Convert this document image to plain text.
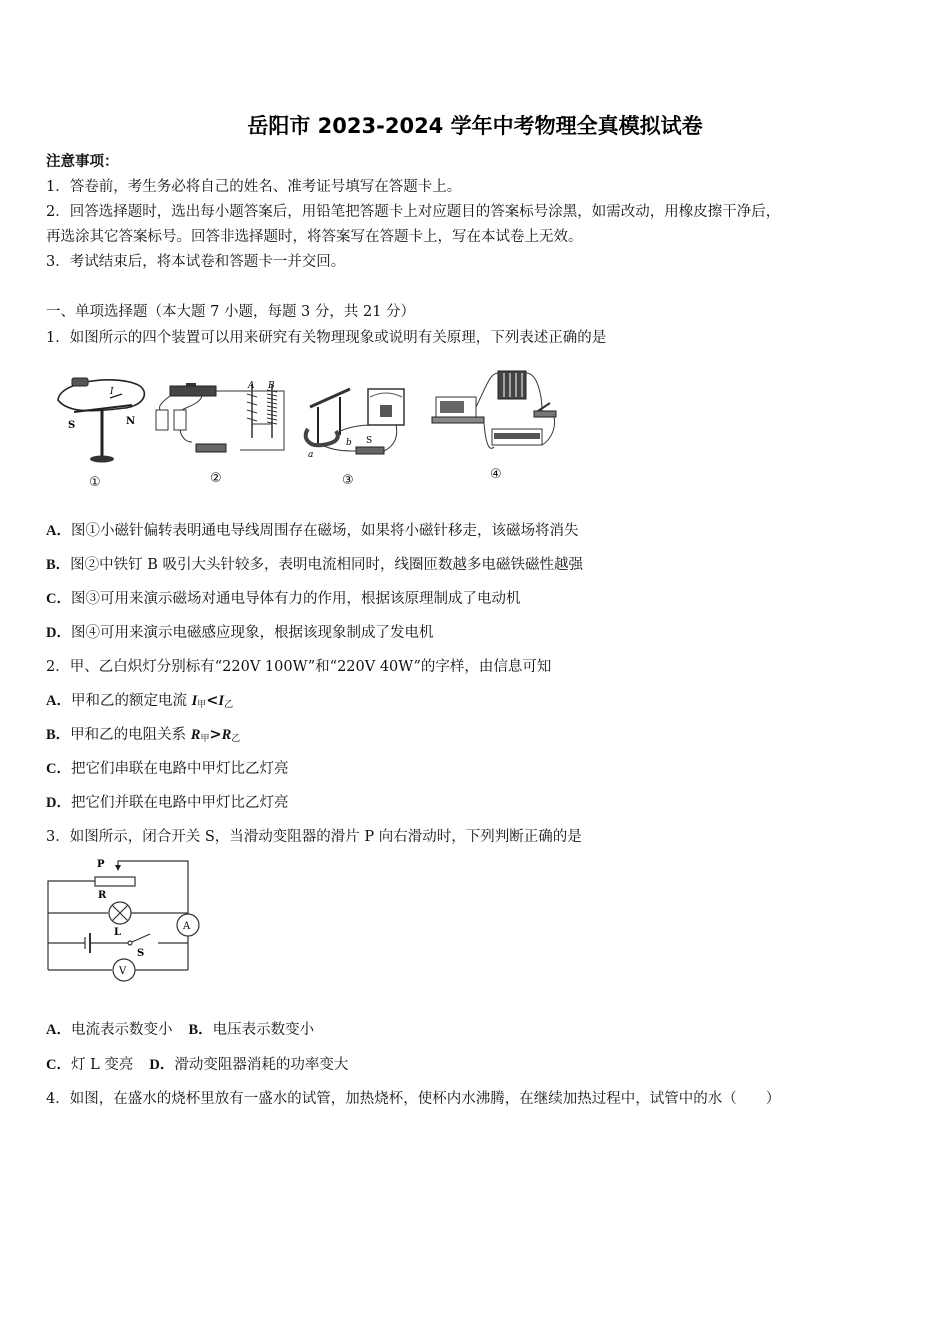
岳阳市 2023-2024 学年中考物理全真模拟试卷
注意事项：
1．答卷前，考生务必将自己的姓名、准考证号填写在答题卡上。
2．回答选择题时，选出每小题答案后，用铅笔把答题卡上对应题目的答案标号涂黑，如需改动，用橡皮擦干净后，
再选涂其它答案标号。回答非选择题时，将答案写在答题卡上，写在本试卷上无效。
3．考试结束后，将本试卷和答题卡一并交回。
一、单项选择题（本大题 7 小题，每题 3 分，共 21 分）
1．如图所示的四个装置可以用来研究有关物理现象或说明有关原理，下列表述正确的是
S	N
I
①
A B
②
a
b S
③	④
A．图①小磁针偏转表明通电导线周围存在磁场，如果将小磁针移走，该磁场将消失
B．图②中铁钉 B 吸引大头针较多，表明电流相同时，线圈匝数越多电磁铁磁性越强
C．图③可用来演示磁场对通电导体有力的作用，根据该原理制成了电动机
D．图④可用来演示电磁感应现象，根据该现象制成了发电机
2．甲、乙白炽灯分别标有“220V 100W”和“220V 40W”的字样，由信息可知
A．甲和乙的额定电流 $I_甲<I_乙$
B．甲和乙的电阻关系 $R_甲>R_乙$
C．把它们串联在电路中甲灯比乙灯亮
D．把它们并联在电路中甲灯比乙灯亮
3．如图所示，闭合开关 S，当滑动变阻器的滑片 P 向右滑动时，下列判断正确的是
P
R
L
S
A
V
A．电流表示数变小 B．电压表示数变小
C．灯 L 变亮 D．滑动变阻器消耗的功率变大
4．如图，在盛水的烧杯里放有一盛水的试管，加热烧杯，使杯内水沸腾，在继续加热过程中，试管中的水（　　）
